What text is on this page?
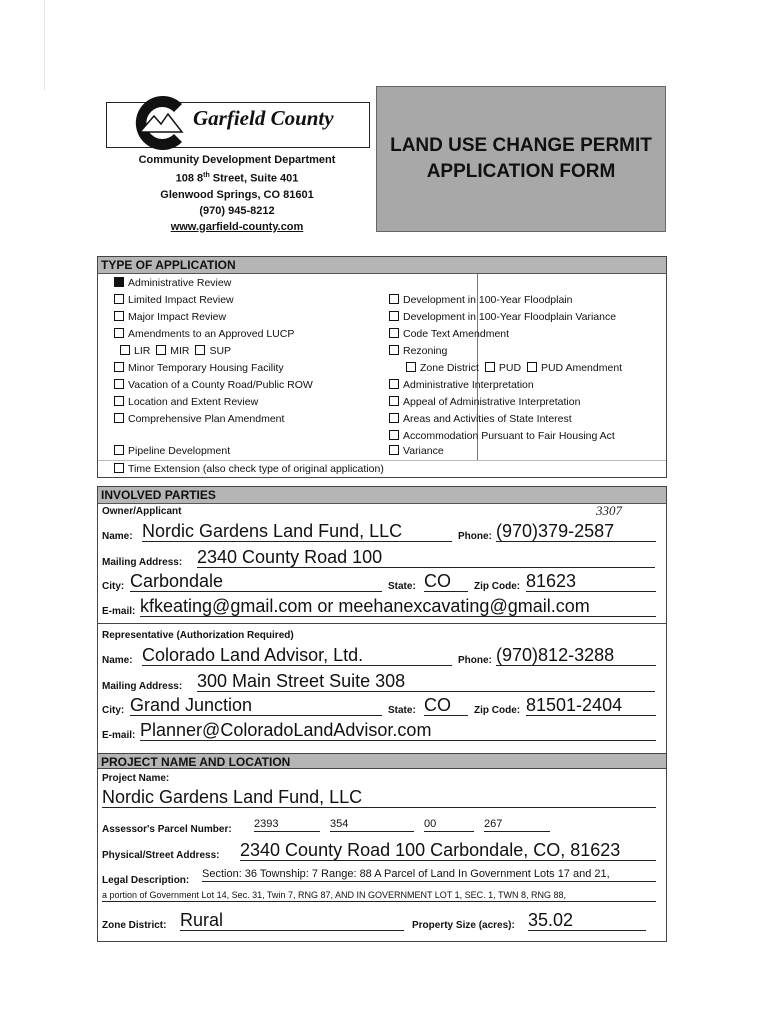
Garfield County
Community Development Department
108 8th Street, Suite 401
Glenwood Springs, CO 81601
(970) 945-8212
www.garfield-county.com
LAND USE CHANGE PERMIT
APPLICATION FORM
TYPE OF APPLICATION
Administrative Review
Limited Impact Review
Major Impact Review
Amendments to an Approved LUCP
LIR MIR SUP
Minor Temporary Housing Facility
Vacation of a County Road/Public ROW
Location and Extent Review
Comprehensive Plan Amendment
Pipeline Development
Time Extension (also check type of original application)
Development in 100-Year Floodplain
Development in 100-Year Floodplain Variance
Code Text Amendment
Rezoning
Zone District PUD PUD Amendment
Administrative Interpretation
Appeal of Administrative Interpretation
Areas and Activities of State Interest
Accommodation Pursuant to Fair Housing Act
Variance
INVOLVED PARTIES
Owner/Applicant
Name: Nordic Gardens Land Fund, LLC	Phone: (970)379-2587
3307
Mailing Address: 2340 County Road 100
City: Carbondale	State: CO	Zip Code: 81623
E-mail: kfkeating@gmail.com or meehanexcavating@gmail.com
Representative (Authorization Required)
Name: Colorado Land Advisor, Ltd.	Phone: (970)812-3288
Mailing Address: 300 Main Street Suite 308
City: Grand Junction	State: CO	Zip Code: 81501-2404
E-mail: Planner@ColoradoLandAdvisor.com
PROJECT NAME AND LOCATION
Project Name:
Nordic Gardens Land Fund, LLC
Assessor's Parcel Number: 2393	354	00	267
Physical/Street Address: 2340 County Road 100 Carbondale, CO, 81623
Legal Description:
Section: 36 Township: 7 Range: 88 A Parcel of Land In Government Lots 17 and 21,
a portion of Government Lot 14, Sec. 31, Twin 7, RNG 87, AND IN GOVERNMENT LOT 1, SEC. 1, TWN 8, RNG 88,
Zone District: Rural	Property Size (acres): 35.02
